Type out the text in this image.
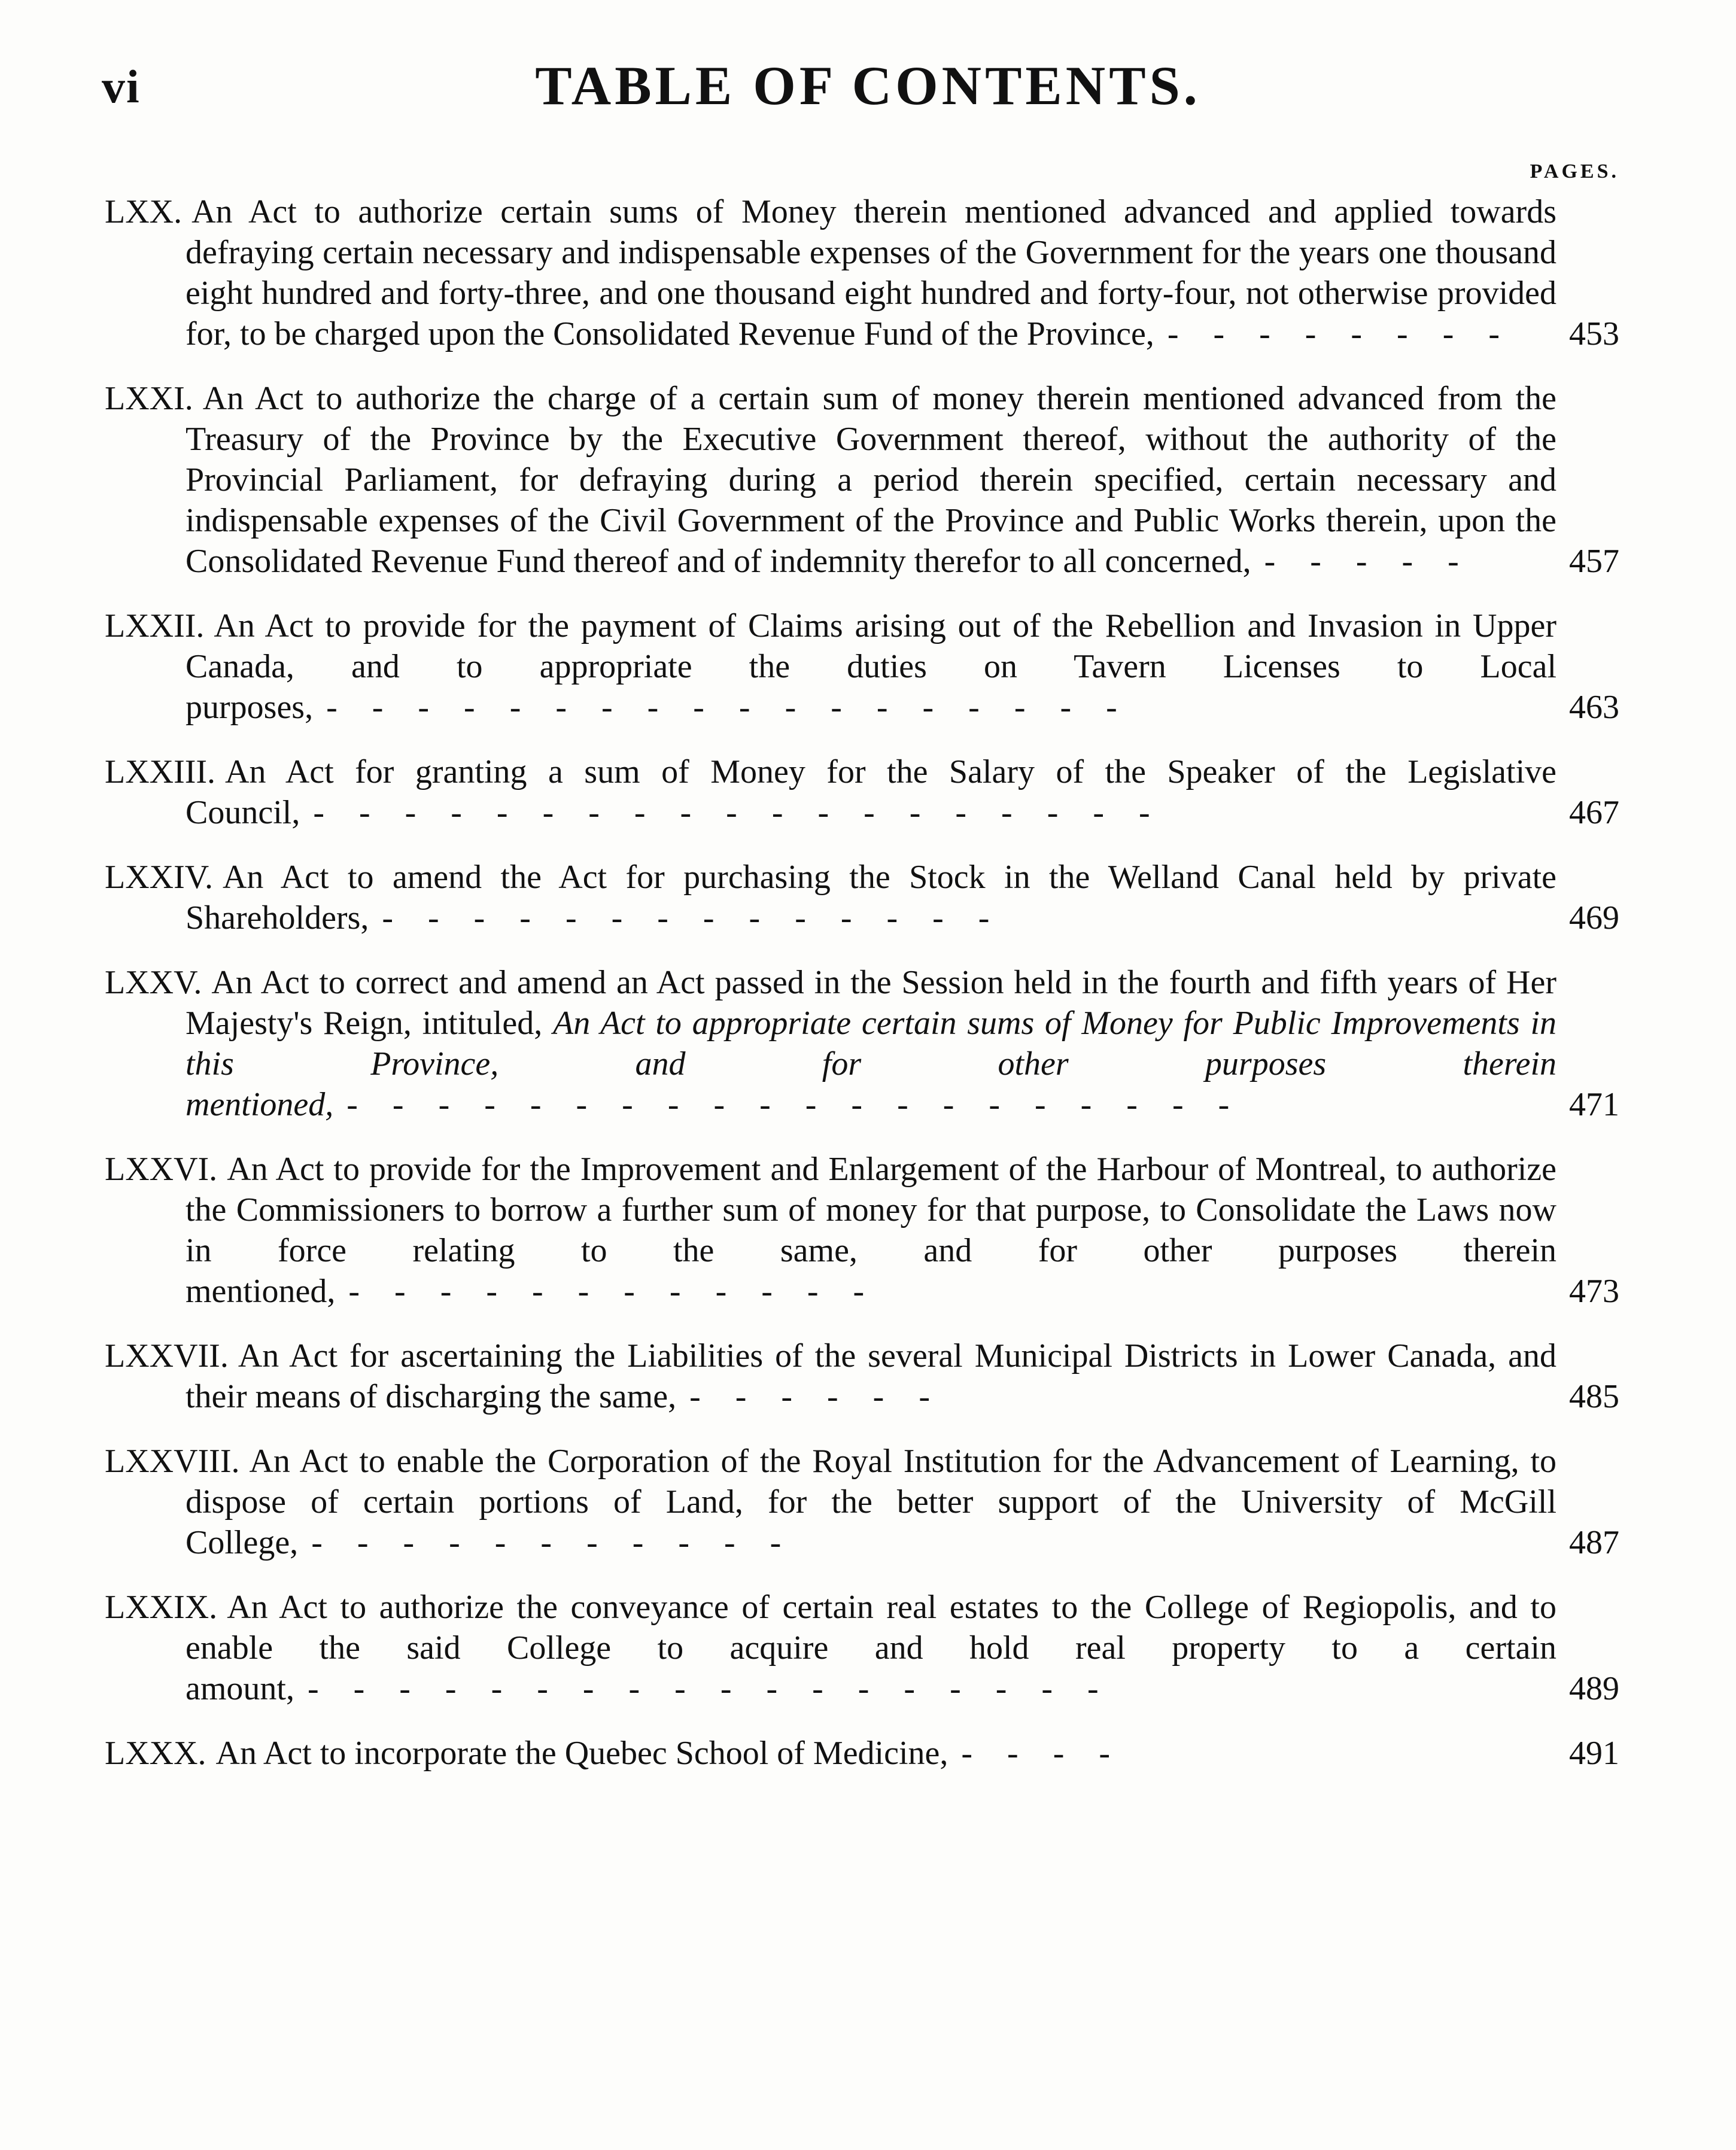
vi	TABLE OF CONTENTS.
PAGES.
LXX. An Act to authorize certain sums of Money therein mentioned advanced and applied towards defraying certain necessary and indispensable expenses of the Government for the years one thousand eight hundred and forty-three, and one thousand eight hundred and forty-four, not otherwise provided for, to be charged upon the Consolidated Revenue Fund of the Province, - - - - - - - -	453
LXXI. An Act to authorize the charge of a certain sum of money therein mentioned advanced from the Treasury of the Province by the Executive Government thereof, without the authority of the Provincial Parliament, for defraying during a period therein specified, certain necessary and indispensable expenses of the Civil Government of the Province and Public Works therein, upon the Consolidated Revenue Fund thereof and of indemnity therefor to all concerned, - - - - -	457
LXXII. An Act to provide for the payment of Claims arising out of the Rebellion and Invasion in Upper Canada, and to appropriate the duties on Tavern Licenses to Local purposes, - - - - - - - - - - - - - - - - - -	463
LXXIII. An Act for granting a sum of Money for the Salary of the Speaker of the Legislative Council, - - - - - - - - - - - - - - - - - - -	467
LXXIV. An Act to amend the Act for purchasing the Stock in the Welland Canal held by private Shareholders, - - - - - - - - - - - - - -	469
LXXV. An Act to correct and amend an Act passed in the Session held in the fourth and fifth years of Her Majesty's Reign, intituled, An Act to appropriate certain sums of Money for Public Improvements in this Province, and for other purposes therein mentioned, - - - - - - - - - - - - - - - - - - - -	471
LXXVI. An Act to provide for the Improvement and Enlargement of the Harbour of Montreal, to authorize the Commissioners to borrow a further sum of money for that purpose, to Consolidate the Laws now in force relating to the same, and for other purposes therein mentioned, - - - - - - - - - - - -	473
LXXVII. An Act for ascertaining the Liabilities of the several Municipal Districts in Lower Canada, and their means of discharging the same, - - - - - -	485
LXXVIII. An Act to enable the Corporation of the Royal Institution for the Advancement of Learning, to dispose of certain portions of Land, for the better support of the University of McGill College, - - - - - - - - - - -	487
LXXIX. An Act to authorize the conveyance of certain real estates to the College of Regiopolis, and to enable the said College to acquire and hold real property to a certain amount, - - - - - - - - - - - - - - - - - -	489
LXXX. An Act to incorporate the Quebec School of Medicine, - - - -	491
